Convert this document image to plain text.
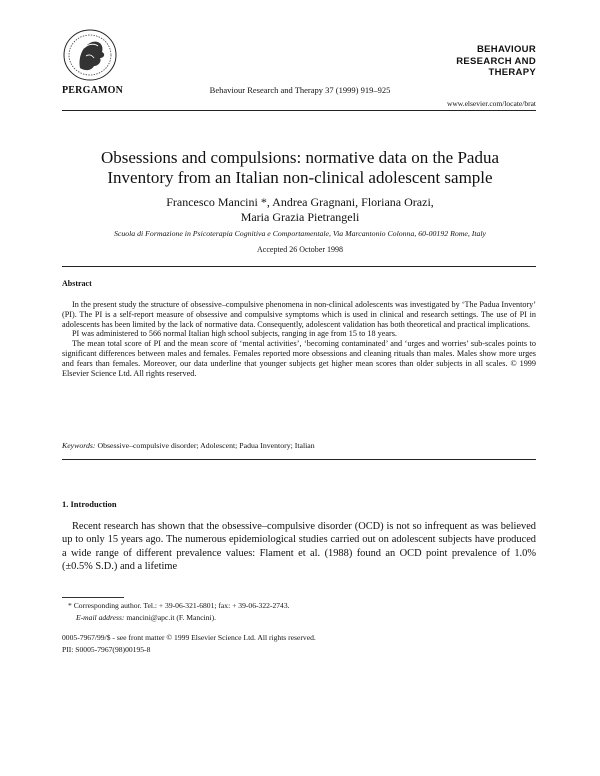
PERGAMON	Behaviour Research and Therapy 37 (1999) 919–925
BEHAVIOUR
RESEARCH AND
THERAPY
www.elsevier.com/locate/brat
Obsessions and compulsions: normative data on the Padua
Inventory from an Italian non-clinical adolescent sample
Francesco Mancini *, Andrea Gragnani, Floriana Orazi,
Maria Grazia Pietrangeli
Scuola di Formazione in Psicoterapia Cognitiva e Comportamentale, Via Marcantonio Colonna, 60-00192 Rome, Italy
Accepted 26 October 1998
Abstract

In the present study the structure of obsessive–compulsive phenomena in non-clinical adolescents was investigated by ‘The Padua Inventory’ (PI). The PI is a self-report measure of obsessive and compulsive symptoms which is used in clinical and research settings. The use of PI in adolescents has been limited by the lack of normative data. Consequently, adolescent validation has both theoretical and practical implications.

PI was administered to 566 normal Italian high school subjects, ranging in age from 15 to 18 years.

The mean total score of PI and the mean score of ‘mental activities’, ‘becoming contaminated’ and ‘urges and worries’ sub-scales points to significant differences between males and females. Females reported more obsessions and cleaning rituals than males. Males show more urges and fears than females. Moreover, our data underline that younger subjects get higher mean scores than older subjects in all scales. © 1999 Elsevier Science Ltd. All rights reserved.

Keywords: Obsessive–compulsive disorder; Adolescent; Padua Inventory; Italian
1. Introduction
Recent research has shown that the obsessive–compulsive disorder (OCD) is not so infrequent as was believed up to only 15 years ago. The numerous epidemiological studies carried out on adolescent subjects have produced a wide range of different prevalence values: Flament et al. (1988) found an OCD point prevalence of 1.0% (±0.5% S.D.) and a lifetime
* Corresponding author. Tel.: + 39-06-321-6801; fax: + 39-06-322-2743.
E-mail address: mancini@apc.it (F. Mancini).
0005-7967/99/$ - see front matter © 1999 Elsevier Science Ltd. All rights reserved.
PII: S0005-7967(98)00195-8
